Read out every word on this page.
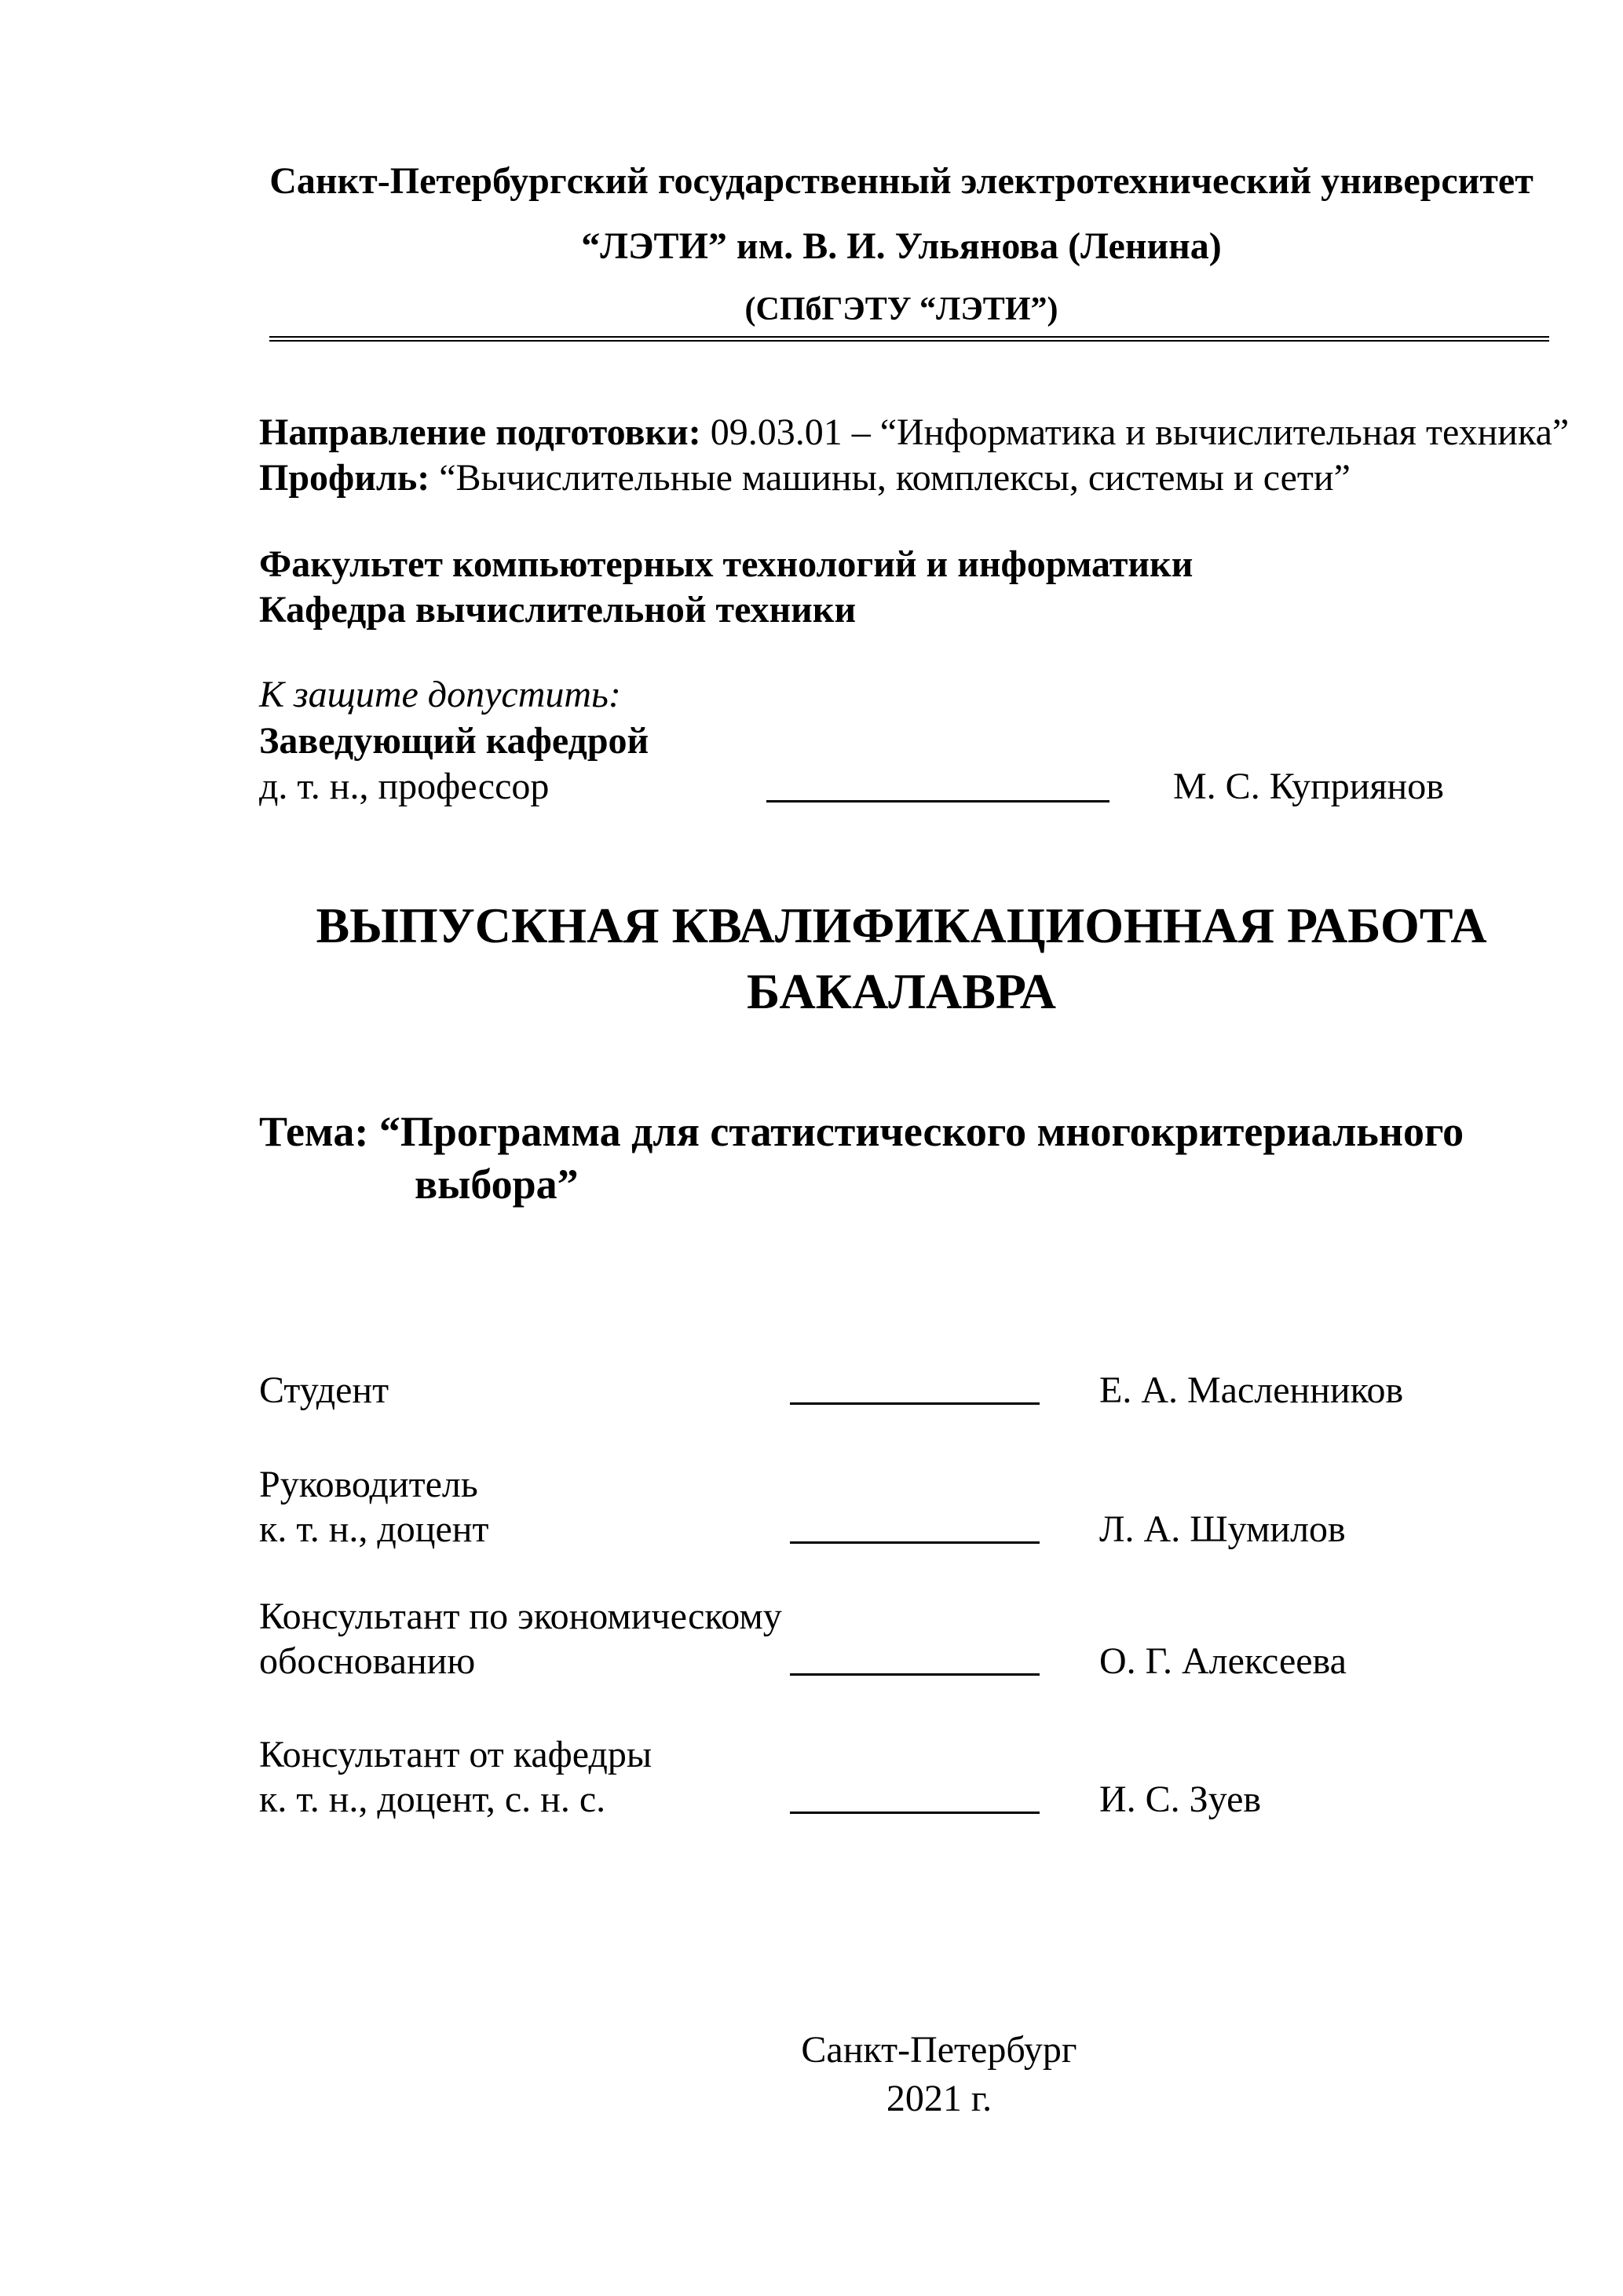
Санкт-Петербургский государственный электротехнический университет
“ЛЭТИ” им. В. И. Ульянова (Ленина)
(СПбГЭТУ “ЛЭТИ”)
Направление подготовки: 09.03.01 – “Информатика и вычислительная техника”
Профиль: “Вычислительные машины, комплексы, системы и сети”
Факультет компьютерных технологий и информатики
Кафедра вычислительной техники
К защите допустить:
Заведующий кафедрой
д. т. н., профессор	М. С. Куприянов
ВЫПУСКНАЯ КВАЛИФИКАЦИОННАЯ РАБОТА
БАКАЛАВРА
Тема: “Программа для статистического многокритериального
выбора”
Студент	Е. А. Масленников
Руководитель
к. т. н., доцент	Л. А. Шумилов
Консультант по экономическому
обоснованию	О. Г. Алексеева
Консультант от кафедры
к. т. н., доцент, с. н. с.	И. С. Зуев
Санкт-Петербург
2021 г.
